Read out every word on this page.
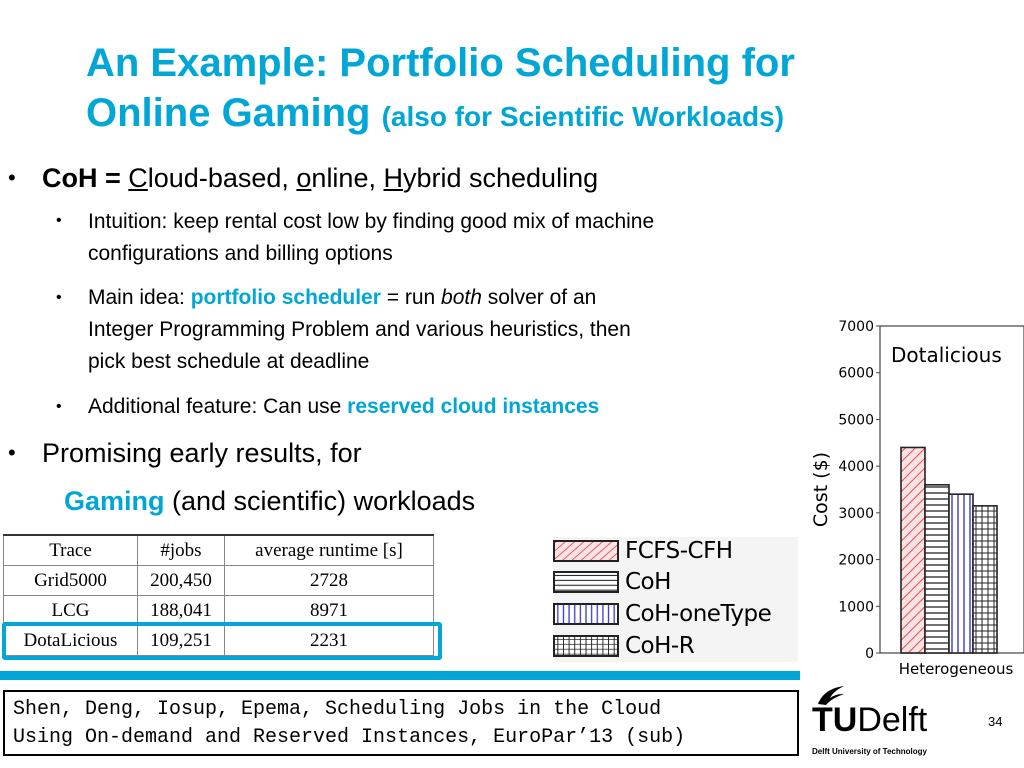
An Example: Portfolio Scheduling for
Online Gaming (also for Scientific Workloads)
• CoH = Cloud-based, online, Hybrid scheduling
• Intuition: keep rental cost low by finding good mix of machine
configurations and billing options
• Main idea: portfolio scheduler = run both solver of an
Integer Programming Problem and various heuristics, then
pick best schedule at deadline
• Additional feature: Can use reserved cloud instances
• Promising early results, for
Gaming (and scientific) workloads
Trace	#jobs	average runtime [s]
Grid5000	200,450	2728
LCG	188,041	8971
DotaLicious	109,251	2231
FCFS-CFH
CoH
CoH-oneType
CoH-R	0
1000
2000
3000
4000
5000
6000
7000
Cost ($)
Dotalicious
Heterogeneous
Shen, Deng, Iosup, Epema, Scheduling Jobs in the Cloud
Using On-demand and Reserved Instances, EuroPar’13 (sub)	TUDelft
Delft University of Technology
34
